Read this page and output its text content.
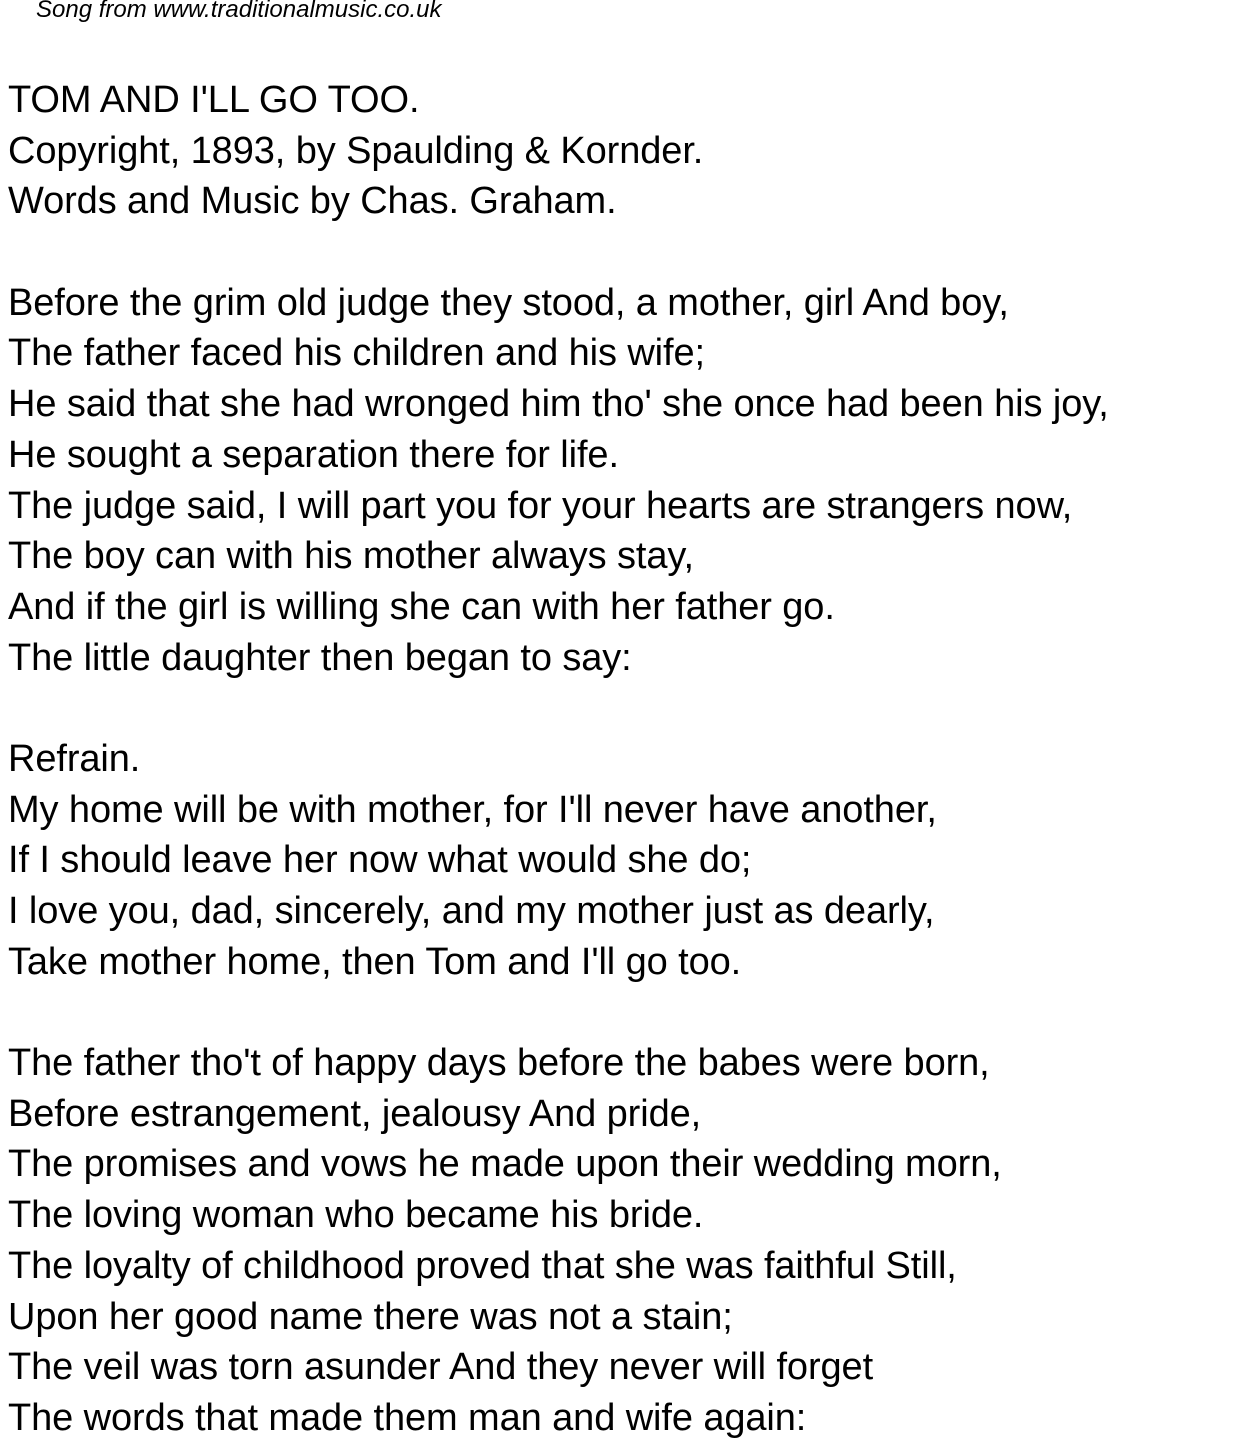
Song from www.traditionalmusic.co.uk
TOM AND I'LL GO TOO.
Copyright, 1893, by Spaulding & Kornder.
Words and Music by Chas. Graham.
Before the grim old judge they stood, a mother, girl And boy,
The father faced his children and his wife;
He said that she had wronged him tho' she once had been his joy,
He sought a separation there for life.
The judge said, I will part you for your hearts are strangers now,
The boy can with his mother always stay,
And if the girl is willing she can with her father go.
The little daughter then began to say:
Refrain.
My home will be with mother, for I'll never have another,
If I should leave her now what would she do;
I love you, dad, sincerely, and my mother just as dearly,
Take mother home, then Tom and I'll go too.
The father tho't of happy days before the babes were born,
Before estrangement, jealousy And pride,
The promises and vows he made upon their wedding morn,
The loving woman who became his bride.
The loyalty of childhood proved that she was faithful Still,
Upon her good name there was not a stain;
The veil was torn asunder And they never will forget
The words that made them man and wife again:
